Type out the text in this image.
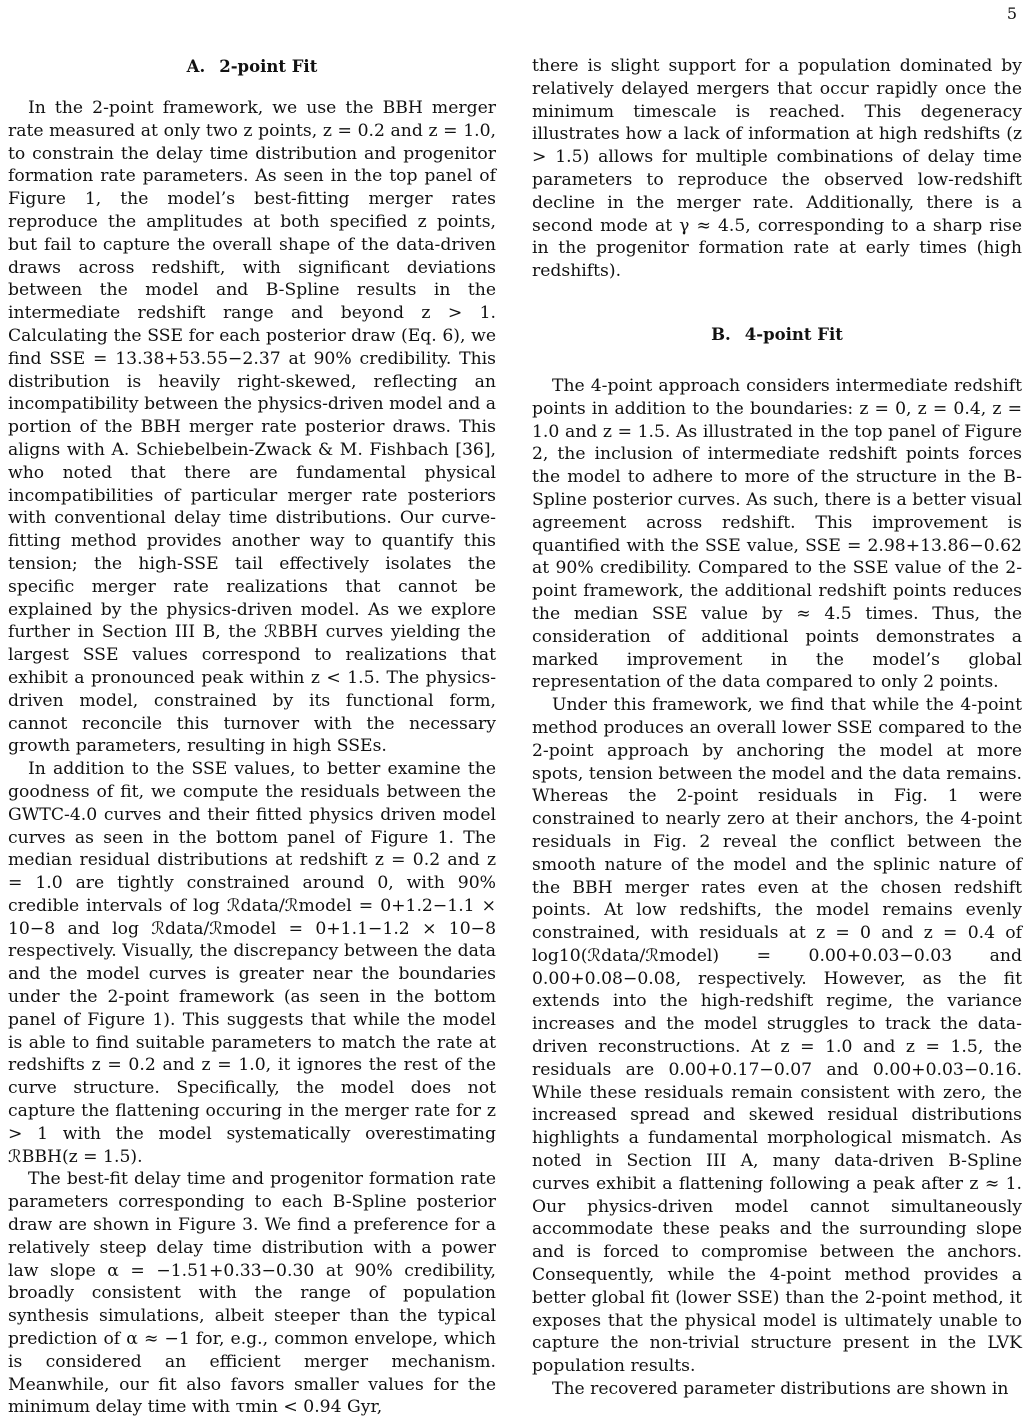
5
A. 2-point Fit

In the 2-point framework, we use the BBH merger rate measured at only two z points, z = 0.2 and z = 1.0, to constrain the delay time distribution and progenitor formation rate parameters. As seen in the top panel of Figure 1, the model’s best-fitting merger rates reproduce the amplitudes at both specified z points, but fail to capture the overall shape of the data-driven draws across redshift, with significant deviations between the model and B-Spline results in the intermediate redshift range and beyond z > 1. Calculating the SSE for each posterior draw (Eq. 6), we find SSE = 13.38+53.55−2.37 at 90% credibility. This distribution is heavily right-skewed, reflecting an incompatibility between the physics-driven model and a portion of the BBH merger rate posterior draws. This aligns with A. Schiebelbein-Zwack & M. Fishbach [36], who noted that there are fundamental physical incompatibilities of particular merger rate posteriors with conventional delay time distributions. Our curve-fitting method provides another way to quantify this tension; the high-SSE tail effectively isolates the specific merger rate realizations that cannot be explained by the physics-driven model. As we explore further in Section III B, the ℛBBH curves yielding the largest SSE values correspond to realizations that exhibit a pronounced peak within z < 1.5. The physics-driven model, constrained by its functional form, cannot reconcile this turnover with the necessary growth parameters, resulting in high SSEs.

In addition to the SSE values, to better examine the goodness of fit, we compute the residuals between the GWTC-4.0 curves and their fitted physics driven model curves as seen in the bottom panel of Figure 1. The median residual distributions at redshift z = 0.2 and z = 1.0 are tightly constrained around 0, with 90% credible intervals of log ℛdata/ℛmodel = 0+1.2−1.1 × 10−8 and log ℛdata/ℛmodel = 0+1.1−1.2 × 10−8 respectively. Visually, the discrepancy between the data and the model curves is greater near the boundaries under the 2-point framework (as seen in the bottom panel of Figure 1). This suggests that while the model is able to find suitable parameters to match the rate at redshifts z = 0.2 and z = 1.0, it ignores the rest of the curve structure. Specifically, the model does not capture the flattening occuring in the merger rate for z > 1 with the model systematically overestimating ℛBBH(z = 1.5).

The best-fit delay time and progenitor formation rate parameters corresponding to each B-Spline posterior draw are shown in Figure 3. We find a preference for a relatively steep delay time distribution with a power law slope α = −1.51+0.33−0.30 at 90% credibility, broadly consistent with the range of population synthesis simulations, albeit steeper than the typical prediction of α ≈ −1 for, e.g., common envelope, which is considered an efficient merger mechanism. Meanwhile, our fit also favors smaller values for the minimum delay time with τmin < 0.94 Gyr,

there is slight support for a population dominated by relatively delayed mergers that occur rapidly once the minimum timescale is reached. This degeneracy illustrates how a lack of information at high redshifts (z > 1.5) allows for multiple combinations of delay time parameters to reproduce the observed low-redshift decline in the merger rate. Additionally, there is a second mode at γ ≈ 4.5, corresponding to a sharp rise in the progenitor formation rate at early times (high redshifts).

B. 4-point Fit

The 4-point approach considers intermediate redshift points in addition to the boundaries: z = 0, z = 0.4, z = 1.0 and z = 1.5. As illustrated in the top panel of Figure 2, the inclusion of intermediate redshift points forces the model to adhere to more of the structure in the B-Spline posterior curves. As such, there is a better visual agreement across redshift. This improvement is quantified with the SSE value, SSE = 2.98+13.86−0.62 at 90% credibility. Compared to the SSE value of the 2-point framework, the additional redshift points reduces the median SSE value by ≈ 4.5 times. Thus, the consideration of additional points demonstrates a marked improvement in the model’s global representation of the data compared to only 2 points.

Under this framework, we find that while the 4-point method produces an overall lower SSE compared to the 2-point approach by anchoring the model at more spots, tension between the model and the data remains. Whereas the 2-point residuals in Fig. 1 were constrained to nearly zero at their anchors, the 4-point residuals in Fig. 2 reveal the conflict between the smooth nature of the model and the splinic nature of the BBH merger rates even at the chosen redshift points. At low redshifts, the model remains evenly constrained, with residuals at z = 0 and z = 0.4 of log10(ℛdata/ℛmodel) = 0.00+0.03−0.03 and 0.00+0.08−0.08, respectively. However, as the fit extends into the high-redshift regime, the variance increases and the model struggles to track the data-driven reconstructions. At z = 1.0 and z = 1.5, the residuals are 0.00+0.17−0.07 and 0.00+0.03−0.16. While these residuals remain consistent with zero, the increased spread and skewed residual distributions highlights a fundamental morphological mismatch. As noted in Section III A, many data-driven B-Spline curves exhibit a flattening following a peak after z ≈ 1. Our physics-driven model cannot simultaneously accommodate these peaks and the surrounding slope and is forced to compromise between the anchors. Consequently, while the 4-point method provides a better global fit (lower SSE) than the 2-point method, it exposes that the physical model is ultimately unable to capture the non-trivial structure present in the LVK population results.

The recovered parameter distributions are shown in
